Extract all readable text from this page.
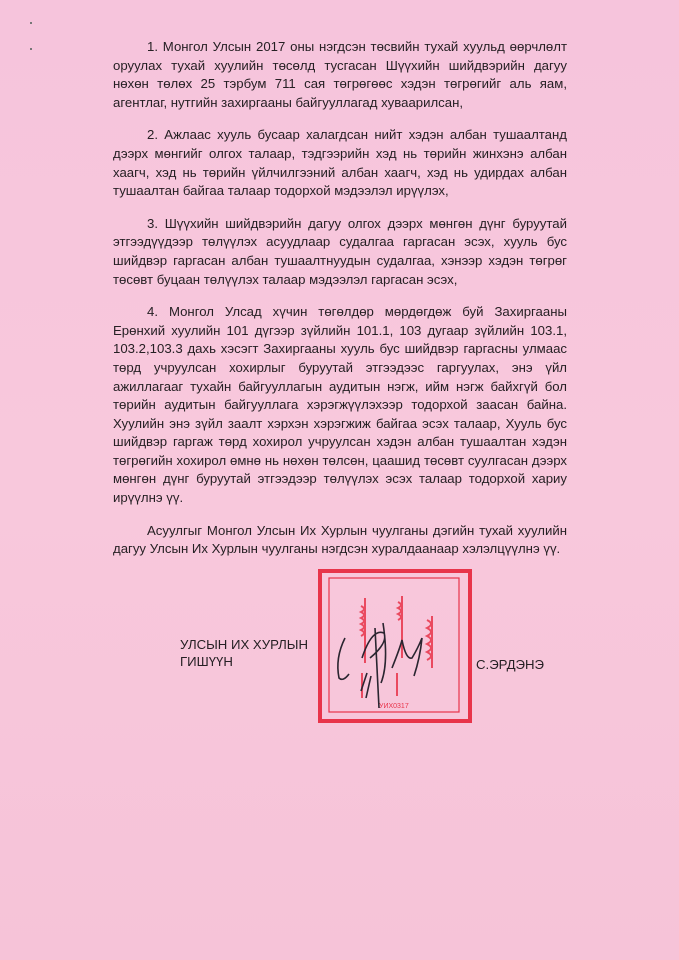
1. Монгол Улсын 2017 оны нэгдсэн төсвийн тухай хуульд өөрчлөлт оруулах тухай хуулийн төсөлд тусгасан Шүүхийн шийдвэрийн дагуу нөхөн төлөх 25 тэрбум 711 сая төгрөгөөс хэдэн төгрөгийг аль яам, агентлаг, нутгийн захиргааны байгууллагад хуваарилсан,

2. Ажлаас хууль бусаар халагдсан нийт хэдэн албан тушаалтанд дээрх мөнгийг олгох талаар, тэдгээрийн хэд нь төрийн жинхэнэ албан хаагч, хэд нь төрийн үйлчилгээний албан хаагч, хэд нь удирдах албан тушаалтан байгаа талаар тодорхой мэдээлэл ирүүлэх,

3. Шүүхийн шийдвэрийн дагуу олгох дээрх мөнгөн дүнг буруутай этгээдүүдээр төлүүлэх асуудлаар судалгаа гаргасан эсэх, хууль бус шийдвэр гаргасан албан тушаалтнуудын судалгаа, хэнээр хэдэн төгрөг төсөвт буцаан төлүүлэх талаар мэдээлэл гаргасан эсэх,

4. Монгол Улсад хүчин төгөлдөр мөрдөгдөж буй Захиргааны Ерөнхий хуулийн 101 дүгээр зүйлийн 101.1, 103 дугаар зүйлийн 103.1, 103.2,103.3 дахь хэсэгт Захиргааны хууль бус шийдвэр гаргасны улмаас төрд учруулсан хохирлыг буруутай этгээдээс гаргуулах, энэ үйл ажиллагааг тухайн байгууллагын аудитын нэгж, ийм нэгж байхгүй бол төрийн аудитын байгууллага хэрэгжүүлэхээр тодорхой заасан байна. Хуулийн энэ зүйл заалт хэрхэн хэрэгжиж байгаа эсэх талаар, Хууль бус шийдвэр гаргаж төрд хохирол учруулсан хэдэн албан тушаалтан хэдэн төгрөгийн хохирол өмнө нь нөхөн төлсөн, цаашид төсөвт суулгасан дээрх мөнгөн дүнг буруутай этгээдээр төлүүлэх эсэх талаар тодорхой хариу ирүүлнэ үү.

Асуулгыг Монгол Улсын Их Хурлын чуулганы дэгийн тухай хуулийн дагуу Улсын Их Хурлын чуулганы нэгдсэн хуралдаанаар хэлэлцүүлнэ үү.

УЛСЫН ИХ ХУРЛЫН
ГИШҮҮН
УИХ0317
С.ЭРДЭНЭ
